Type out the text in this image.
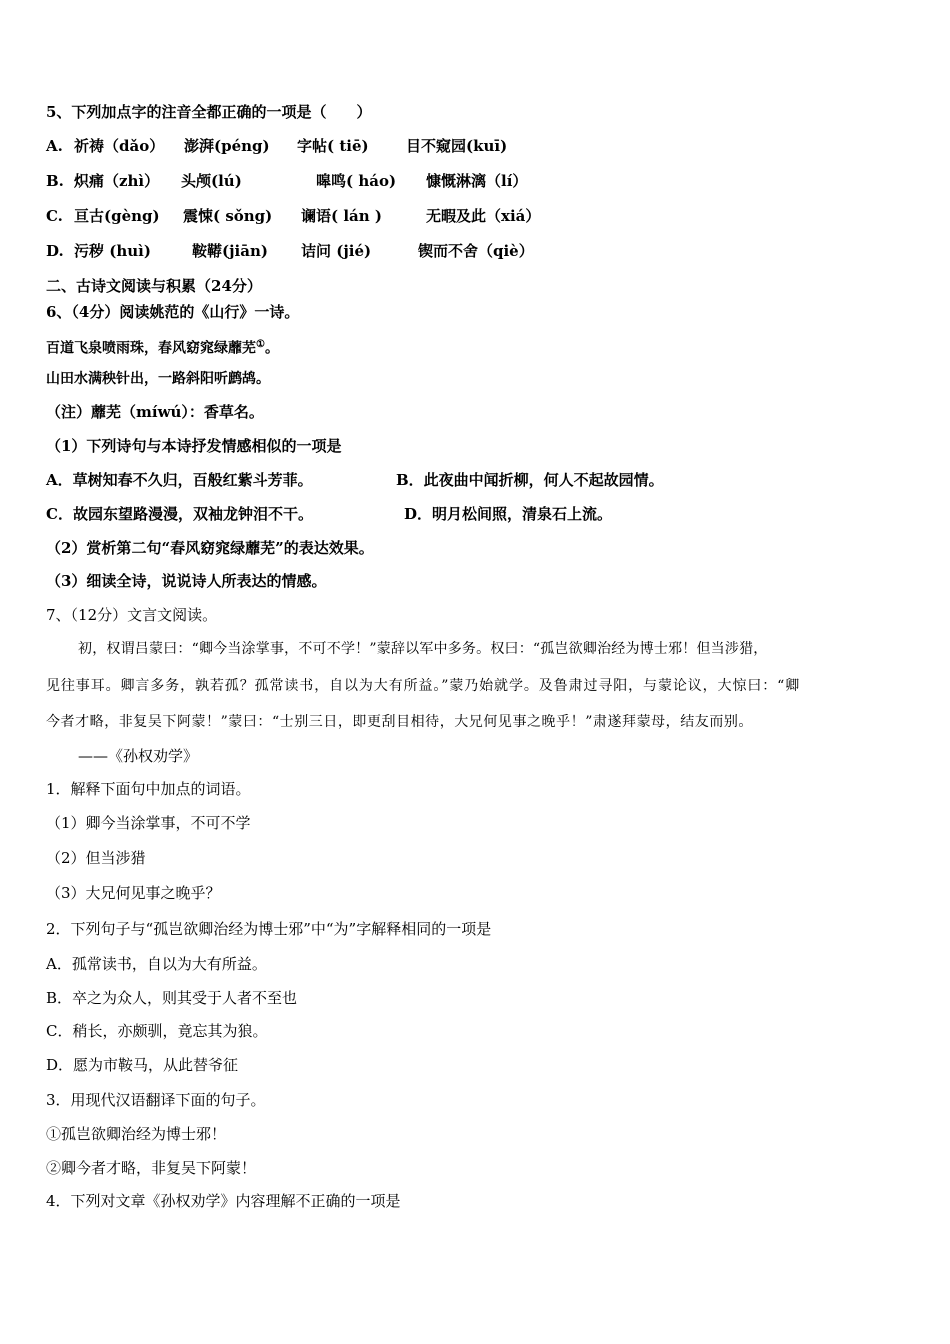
5、下列加点字的注音全都正确的一项是（　　）
A. 祈祷（dǎo） 澎湃(péng) 字帖( tiē) 目不窥园(kuī)
B. 炽痛（zhì） 头颅(lú)	嗥鸣( háo) 慷慨淋漓（lí）
C. 亘古(gèng) 震悚( sǒng) 谰语( lán )	无暇及此（xiá）
D. 污秽 (huì)	鞍鞯(jiān) 诘问 (jié)	锲而不舍（qiè）
二、古诗文阅读与积累（24分）
6、（4分）阅读姚范的《山行》一诗。
百道飞泉喷雨珠，春风窈窕绿蘼芜①。
山田水满秧针出，一路斜阳听鹧鸪。
（注）蘼芜（míwú）：香草名。
（1）下列诗句与本诗抒发情感相似的一项是
A．草树知春不久归，百般红紫斗芳菲。	B．此夜曲中闻折柳，何人不起故园情。
C．故园东望路漫漫，双袖龙钟泪不干。	D．明月松间照，清泉石上流。
（2）赏析第二句“春风窈窕绿蘼芜”的表达效果。
（3）细读全诗，说说诗人所表达的情感。
7、（12分）文言文阅读。
初，权谓吕蒙曰：“卿今当涂掌事，不可不学！”蒙辞以军中多务。权曰：“孤岂欲卿治经为博士邪！但当涉猎，
见往事耳。卿言多务，孰若孤？孤常读书，自以为大有所益。”蒙乃始就学。及鲁肃过寻阳，与蒙论议，大惊曰：“卿
今者才略，非复吴下阿蒙！”蒙曰：“士别三日，即更刮目相待，大兄何见事之晚乎！”肃遂拜蒙母，结友而别。
——《孙权劝学》
1．解释下面句中加点的词语。
（1）卿今当涂掌事，不可不学
（2）但当涉猎
（3）大兄何见事之晚乎？
2．下列句子与“孤岂欲卿治经为博士邪”中“为”字解释相同的一项是
A．孤常读书，自以为大有所益。
B．卒之为众人，则其受于人者不至也
C．稍长，亦颇驯，竟忘其为狼。
D．愿为市鞍马，从此替爷征
3．用现代汉语翻译下面的句子。
①孤岂欲卿治经为博士邪！
②卿今者才略，非复吴下阿蒙！
4．下列对文章《孙权劝学》内容理解不正确的一项是
